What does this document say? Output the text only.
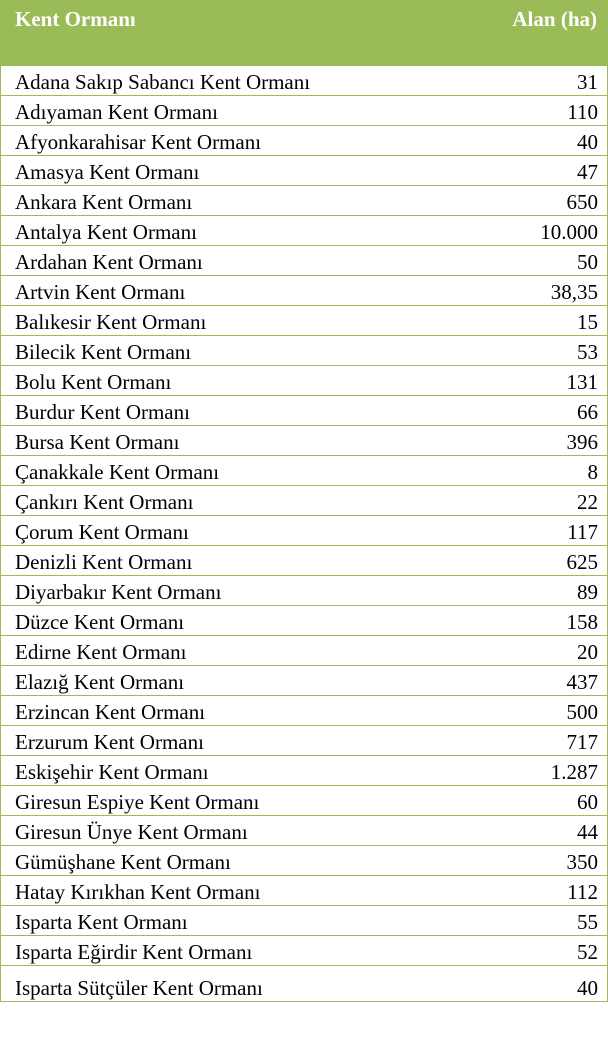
Kent Ormanı	Alan (ha)
Adana Sakıp Sabancı Kent Ormanı	31
Adıyaman Kent Ormanı	110
Afyonkarahisar Kent Ormanı	40
Amasya Kent Ormanı	47
Ankara Kent Ormanı	650
Antalya Kent Ormanı	10.000
Ardahan Kent Ormanı	50
Artvin Kent Ormanı	38,35
Balıkesir Kent Ormanı	15
Bilecik Kent Ormanı	53
Bolu Kent Ormanı	131
Burdur Kent Ormanı	66
Bursa Kent Ormanı	396
Çanakkale Kent Ormanı	8
Çankırı Kent Ormanı	22
Çorum Kent Ormanı	117
Denizli Kent Ormanı	625
Diyarbakır Kent Ormanı	89
Düzce Kent Ormanı	158
Edirne Kent Ormanı	20
Elazığ Kent Ormanı	437
Erzincan Kent Ormanı	500
Erzurum Kent Ormanı	717
Eskişehir Kent Ormanı	1.287
Giresun Espiye Kent Ormanı	60
Giresun Ünye Kent Ormanı	44
Gümüşhane Kent Ormanı	350
Hatay Kırıkhan Kent Ormanı	112
Isparta Kent Ormanı	55
Isparta Eğirdir Kent Ormanı	52
Isparta Sütçüler Kent Ormanı	40
